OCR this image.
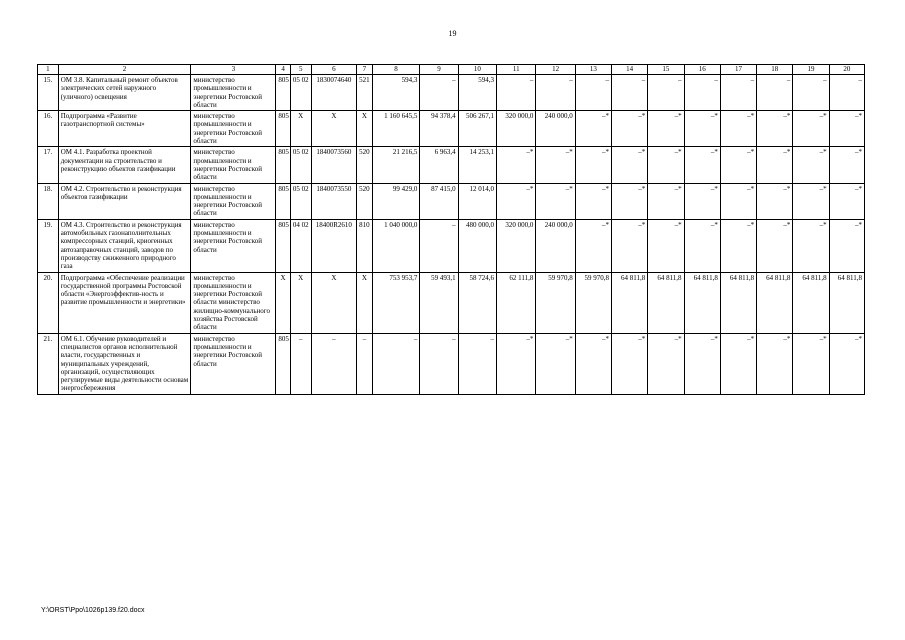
19
1	2	3	4	5	6	7	8	9	10	11	12	13	14	15	16	17	18	19	20
15.	ОМ 3.8. Капитальный ремонт объектов электрических сетей наружного (уличного) освещения	министерство промышленности и энергетики Ростовской области	805	05 02	1830074640	521	594,3	–	594,3	–	–	–	–	–	–	–	–	–	–
16.	Подпрограмма «Развитие газотранспортной системы»	министерство промышленности и энергетики Ростовской области	805	Х	Х	Х	1 160 645,5	94 378,4	506 267,1	320 000,0	240 000,0	–*	–*	–*	–*	–*	–*	–*	–*
17.	ОМ 4.1. Разработка проектной документации на строительство и реконструкцию объектов газификации	министерство промышленности и энергетики Ростовской области	805	05 02	1840073560	520	21 216,5	6 963,4	14 253,1	–*	–*	–*	–*	–*	–*	–*	–*	–*	–*
18.	ОМ 4.2. Строительство и реконструкция объектов газификации	министерство промышленности и энергетики Ростовской области	805	05 02	1840073550	520	99 429,0	87 415,0	12 014,0	–*	–*	–*	–*	–*	–*	–*	–*	–*	–*
19.	ОМ 4.3. Строительство и реконструкция автомобильных газонаполнительных компрессорных станций, криогенных автозаправочных станций, заводов по производству сжиженного природного газа	министерство промышленности и энергетики Ростовской области	805	04 02	18400R2610	810	1 040 000,0	–	480 000,0	320 000,0	240 000,0	–*	–*	–*	–*	–*	–*	–*	–*
20.	Подпрограмма «Обеспечение реализации государственной программы Ростовской области «Энергоэффектив-ность и развитие промышленности и энергетики»	министерство промышленности и энергетики Ростовской области министерство жилищно-коммунального хозяйства Ростовской области	Х	Х	Х	Х	753 953,7	59 493,1	58 724,6	62 111,8	59 970,8	59 970,8	64 811,8	64 811,8	64 811,8	64 811,8	64 811,8	64 811,8	64 811,8
21.	ОМ 6.1. Обучение руководителей и специалистов органов исполнительной власти, государственных и муниципальных учреждений, организаций, осуществляющих регулируемые виды деятельности основам энергосбережения	министерство промышленности и энергетики Ростовской области	805	–	–	–	–	–	–	–*	–*	–*	–*	–*	–*	–*	–*	–*	–*
Y:\ORST\Ppo\1026p139.f20.docx
